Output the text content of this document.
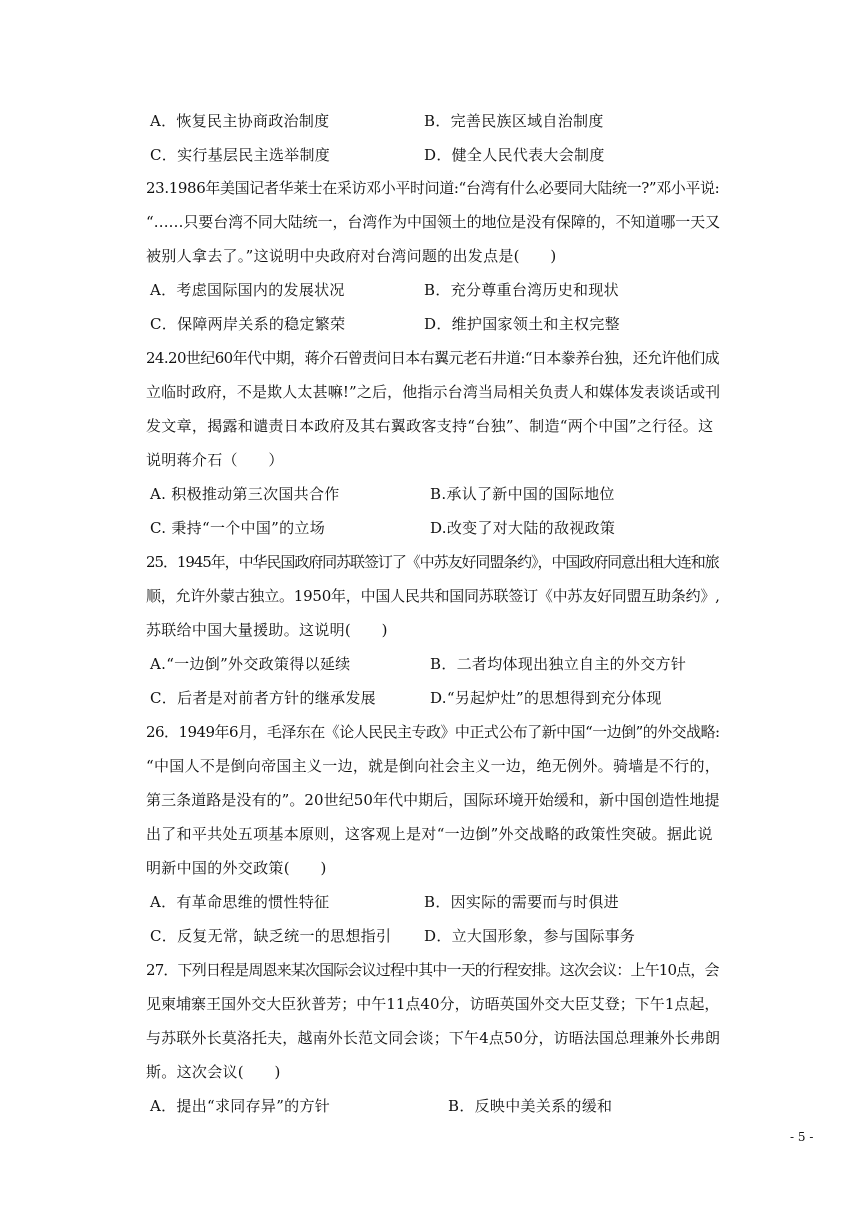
A．恢复民主协商政治制度	B．完善民族区域自治制度
C．实行基层民主选举制度	D．健全人民代表大会制度
23.1986年美国记者华莱士在采访邓小平时问道:“台湾有什么必要同大陆统一?”邓小平说:
“……只要台湾不同大陆统一，台湾作为中国领土的地位是没有保障的，不知道哪一天又
被别人拿去了。”这说明中央政府对台湾问题的出发点是(　　)
A．考虑国际国内的发展状况	B．充分尊重台湾历史和现状
C．保障两岸关系的稳定繁荣	D．维护国家领土和主权完整
24.20世纪60年代中期，蒋介石曾责问日本右翼元老石井道:“日本豢养台独，还允许他们成
立临时政府，不是欺人太甚嘛!”之后，他指示台湾当局相关负责人和媒体发表谈话或刊
发文章，揭露和谴责日本政府及其右翼政客支持“台独”、制造“两个中国”之行径。这
说明蒋介石（　　）
A. 积极推动第三次国共合作	B.承认了新中国的国际地位
C. 秉持“一个中国”的立场	D.改变了对大陆的敌视政策
25．1945年，中华民国政府同苏联签订了《中苏友好同盟条约》，中国政府同意出租大连和旅
顺，允许外蒙古独立。1950年，中国人民共和国同苏联签订《中苏友好同盟互助条约》,
苏联给中国大量援助。这说明(　　)
A.“一边倒”外交政策得以延续	B．二者均体现出独立自主的外交方针
C．后者是对前者方针的继承发展	D.“另起炉灶”的思想得到充分体现
26．1949年6月，毛泽东在《论人民民主专政》中正式公布了新中国“一边倒”的外交战略:
“中国人不是倒向帝国主义一边，就是倒向社会主义一边，绝无例外。骑墙是不行的，
第三条道路是没有的”。20世纪50年代中期后，国际环境开始缓和，新中国创造性地提
出了和平共处五项基本原则，这客观上是对“一边倒”外交战略的政策性突破。据此说
明新中国的外交政策(　　)
A．有革命思维的惯性特征	B．因实际的需要而与时俱进
C．反复无常，缺乏统一的思想指引 D．立大国形象，参与国际事务
27．下列日程是周恩来某次国际会议过程中其中一天的行程安排。这次会议：上午10点，会
见柬埔寨王国外交大臣狄普芳；中午11点40分，访晤英国外交大臣艾登；下午1点起，
与苏联外长莫洛托夫，越南外长范文同会谈；下午4点50分，访晤法国总理兼外长弗朗
斯。这次会议(　　)
A．提出“求同存异”的方针	B．反映中美关系的缓和
- 5 -
